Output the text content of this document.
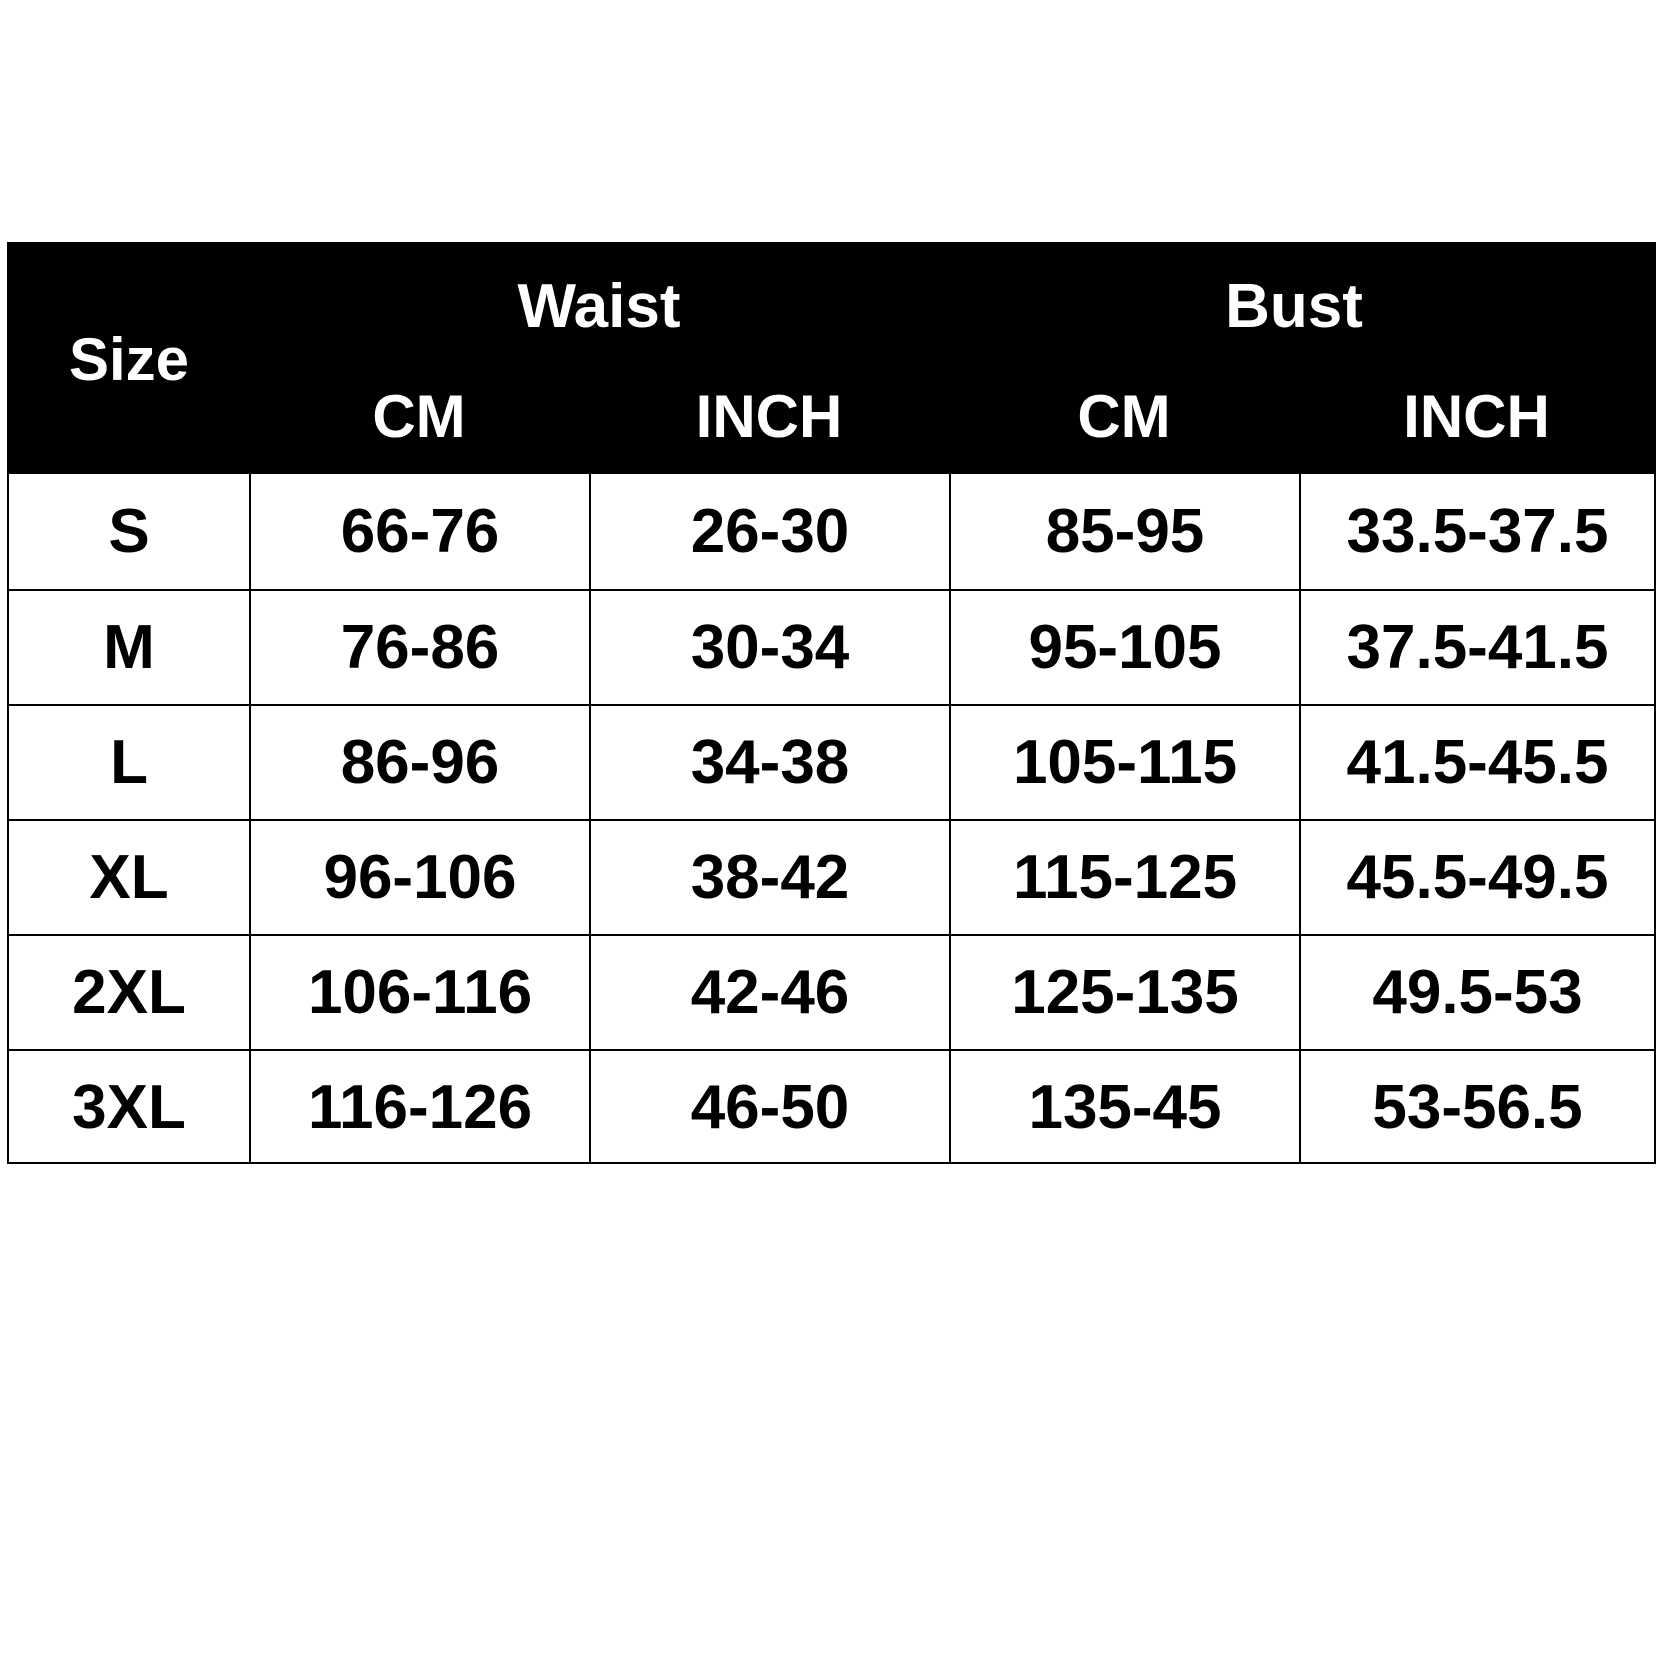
Size
Waist	Bust
CM	INCH	CM	INCH
S	66-76	26-30	85-95	33.5-37.5
M	76-86	30-34	95-105	37.5-41.5
L	86-96	34-38	105-115	41.5-45.5
XL	96-106	38-42	115-125	45.5-49.5
2XL	106-116	42-46	125-135	49.5-53
3XL	116-126	46-50	135-45	53-56.5
